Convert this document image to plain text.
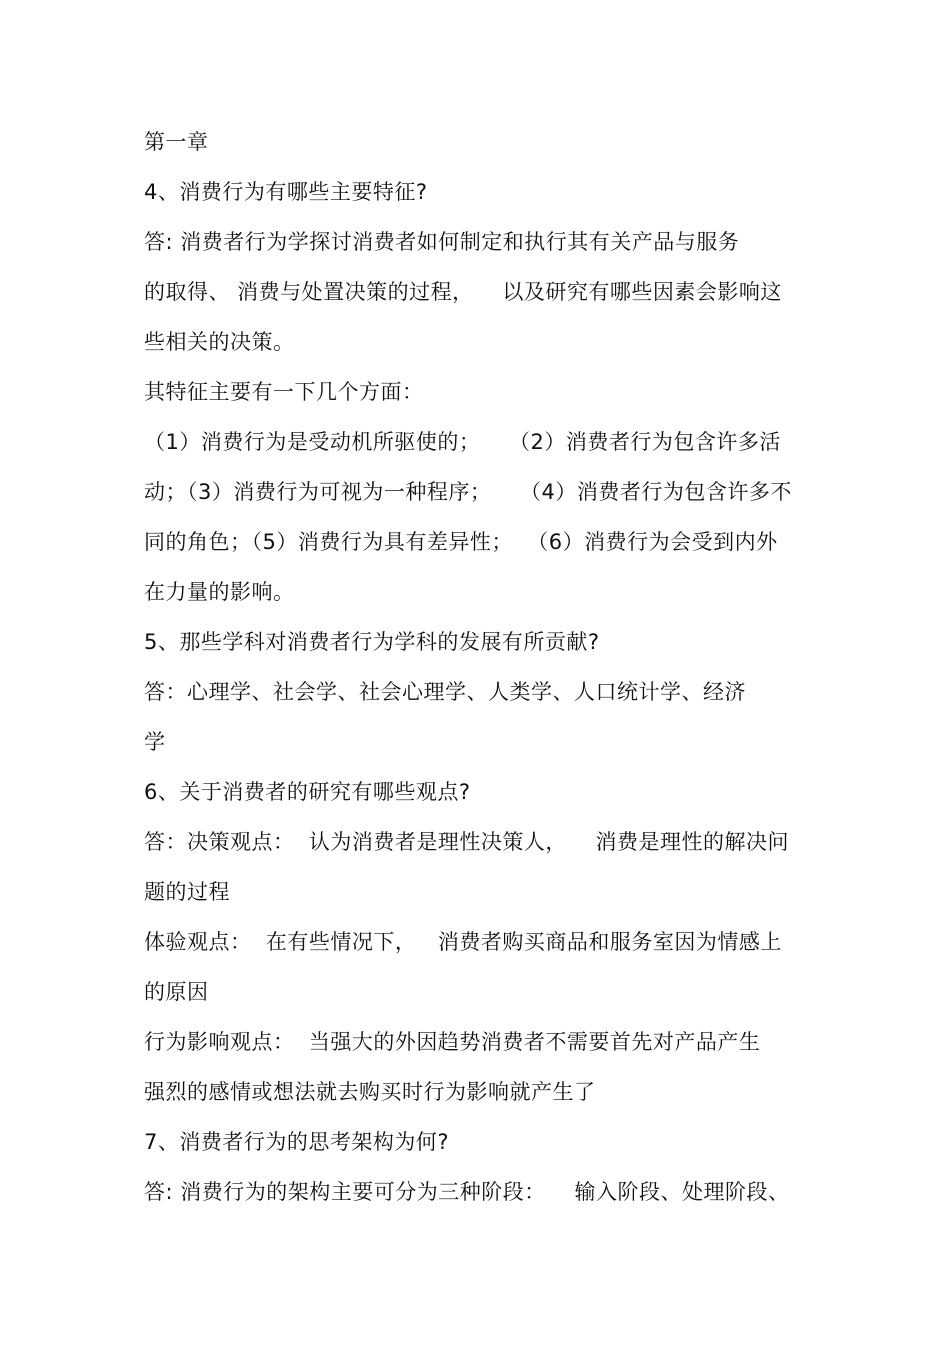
第一章
4、消费行为有哪些主要特征?
答: 消费者行为学探讨消费者如何制定和执行其有关产品与服务
的取得、 消费与处置决策的过程，    以及研究有哪些因素会影响这
些相关的决策。
其特征主要有一下几个方面：
（1）消费行为是受动机所驱使的；    （2）消费者行为包含许多活
动；（3）消费行为可视为一种程序；    （4）消费者行为包含许多不
同的角色；（5）消费行为具有差异性；  （6）消费行为会受到内外
在力量的影响。
5、那些学科对消费者行为学科的发展有所贡献?
答：心理学、社会学、社会心理学、人类学、人口统计学、经济
学
6、关于消费者的研究有哪些观点?
答：决策观点：  认为消费者是理性决策人，    消费是理性的解决问
题的过程
体验观点：  在有些情况下，   消费者购买商品和服务室因为情感上
的原因
行为影响观点：  当强大的外因趋势消费者不需要首先对产品产生
强烈的感情或想法就去购买时行为影响就产生了
7、消费者行为的思考架构为何?
答: 消费行为的架构主要可分为三种阶段：    输入阶段、处理阶段、
